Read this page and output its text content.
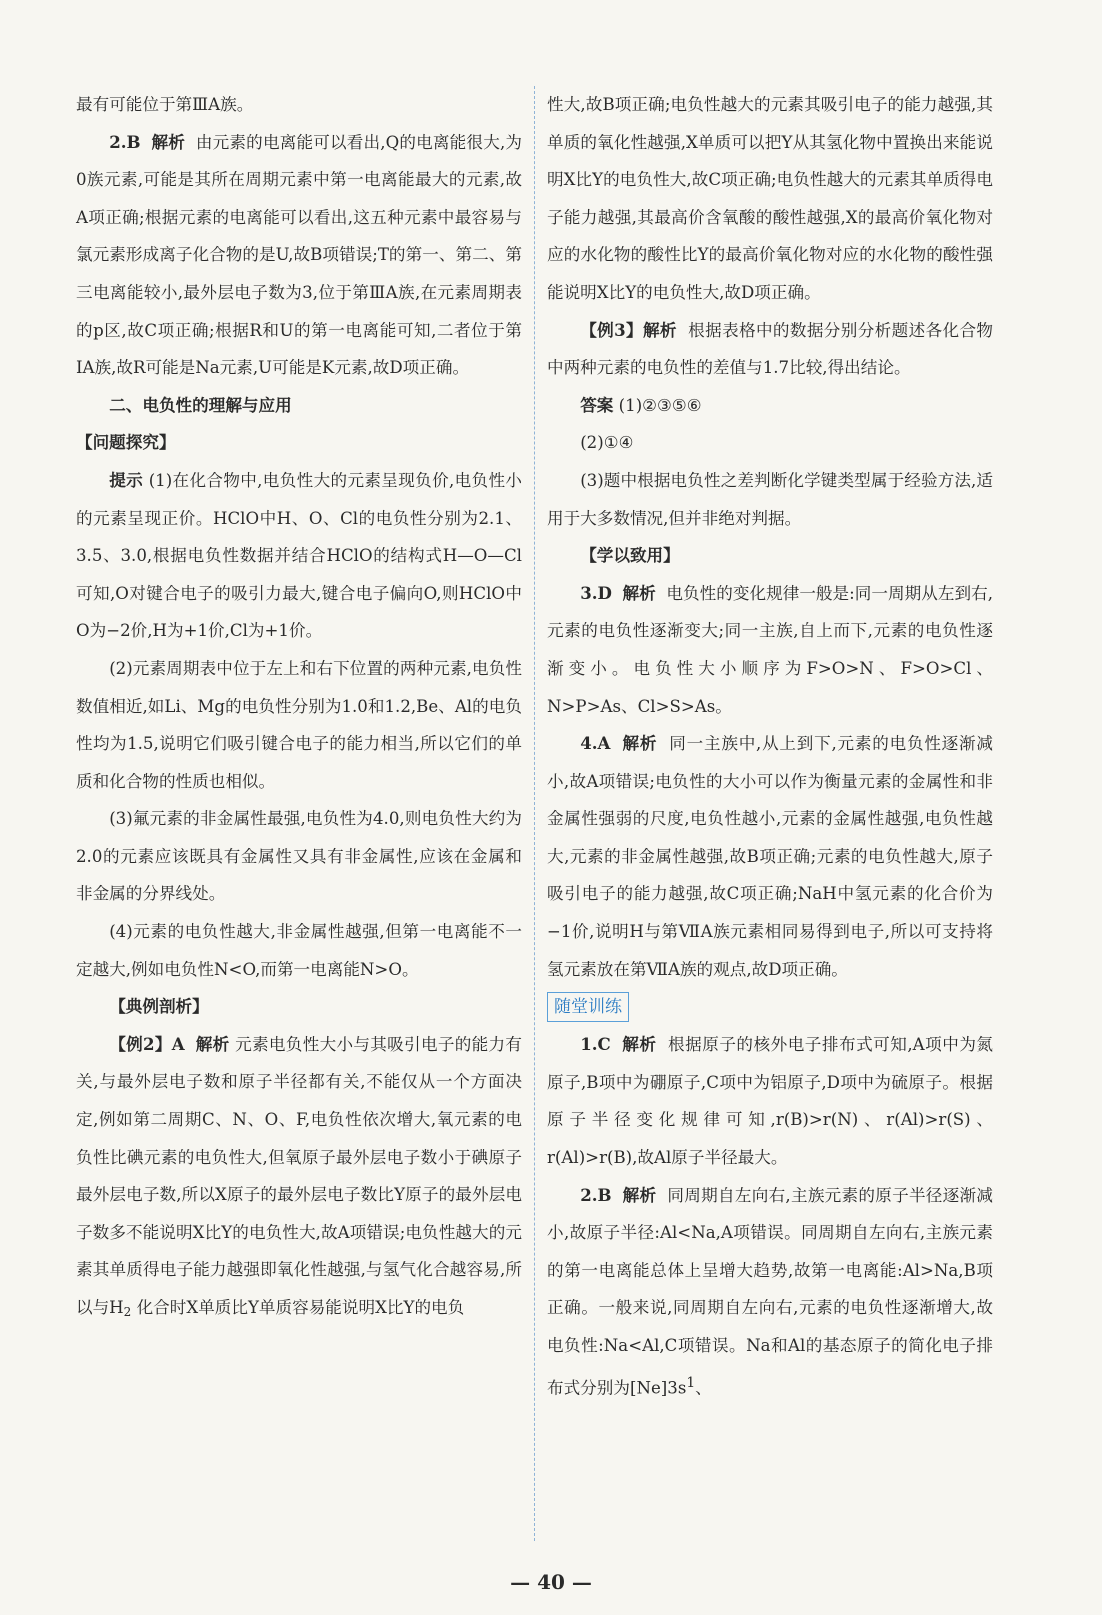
最有可能位于第ⅢA族。

2.B 解析 由元素的电离能可以看出,Q的电离能很大,为0族元素,可能是其所在周期元素中第一电离能最大的元素,故A项正确;根据元素的电离能可以看出,这五种元素中最容易与氯元素形成离子化合物的是U,故B项错误;T的第一、第二、第三电离能较小,最外层电子数为3,位于第ⅢA族,在元素周期表的p区,故C项正确;根据R和U的第一电离能可知,二者位于第ⅠA族,故R可能是Na元素,U可能是K元素,故D项正确。

二、电负性的理解与应用

【问题探究】

提示 (1)在化合物中,电负性大的元素呈现负价,电负性小的元素呈现正价。HClO中H、O、Cl的电负性分别为2.1、3.5、3.0,根据电负性数据并结合HClO的结构式H—O—Cl可知,O对键合电子的吸引力最大,键合电子偏向O,则HClO中O为−2价,H为+1价,Cl为+1价。

(2)元素周期表中位于左上和右下位置的两种元素,电负性数值相近,如Li、Mg的电负性分别为1.0和1.2,Be、Al的电负性均为1.5,说明它们吸引键合电子的能力相当,所以它们的单质和化合物的性质也相似。

(3)氟元素的非金属性最强,电负性为4.0,则电负性大约为2.0的元素应该既具有金属性又具有非金属性,应该在金属和非金属的分界线处。

(4)元素的电负性越大,非金属性越强,但第一电离能不一定越大,例如电负性N<O,而第一电离能N>O。

【典例剖析】

【例2】A 解析 元素电负性大小与其吸引电子的能力有关,与最外层电子数和原子半径都有关,不能仅从一个方面决定,例如第二周期C、N、O、F,电负性依次增大,氧元素的电负性比碘元素的电负性大,但氧原子最外层电子数小于碘原子最外层电子数,所以X原子的最外层电子数比Y原子的最外层电子数多不能说明X比Y的电负性大,故A项错误;电负性越大的元素其单质得电子能力越强即氧化性越强,与氢气化合越容易,所以与$H_2$ 化合时X单质比Y单质容易能说明X比Y的电负

性大,故B项正确;电负性越大的元素其吸引电子的能力越强,其单质的氧化性越强,X单质可以把Y从其氢化物中置换出来能说明X比Y的电负性大,故C项正确;电负性越大的元素其单质得电子能力越强,其最高价含氧酸的酸性越强,X的最高价氧化物对应的水化物的酸性比Y的最高价氧化物对应的水化物的酸性强能说明X比Y的电负性大,故D项正确。

【例3】解析 根据表格中的数据分别分析题述各化合物中两种元素的电负性的差值与1.7比较,得出结论。

答案 (1)②③⑤⑥

(2)①④

(3)题中根据电负性之差判断化学键类型属于经验方法,适用于大多数情况,但并非绝对判据。

【学以致用】

3.D 解析 电负性的变化规律一般是:同一周期从左到右,元素的电负性逐渐变大;同一主族,自上而下,元素的电负性逐渐变小。电负性大小顺序为F>O>N、F>O>Cl、N>P>As、Cl>S>As。

4.A 解析 同一主族中,从上到下,元素的电负性逐渐减小,故A项错误;电负性的大小可以作为衡量元素的金属性和非金属性强弱的尺度,电负性越小,元素的金属性越强,电负性越大,元素的非金属性越强,故B项正确;元素的电负性越大,原子吸引电子的能力越强,故C项正确;NaH中氢元素的化合价为−1价,说明H与第ⅦA族元素相同易得到电子,所以可支持将氢元素放在第ⅦA族的观点,故D项正确。

随堂训练

1.C 解析 根据原子的核外电子排布式可知,A项中为氮原子,B项中为硼原子,C项中为铝原子,D项中为硫原子。根据原子半径变化规律可知,r(B)>r(N)、r(Al)>r(S)、r(Al)>r(B),故Al原子半径最大。

2.B 解析 同周期自左向右,主族元素的原子半径逐渐减小,故原子半径:Al<Na,A项错误。同周期自左向右,主族元素的第一电离能总体上呈增大趋势,故第一电离能:Al>Na,B项正确。一般来说,同周期自左向右,元素的电负性逐渐增大,故电负性:Na<Al,C项错误。Na和Al的基态原子的简化电子排布式分别为$[Ne]3s^1$、

— 40 —
